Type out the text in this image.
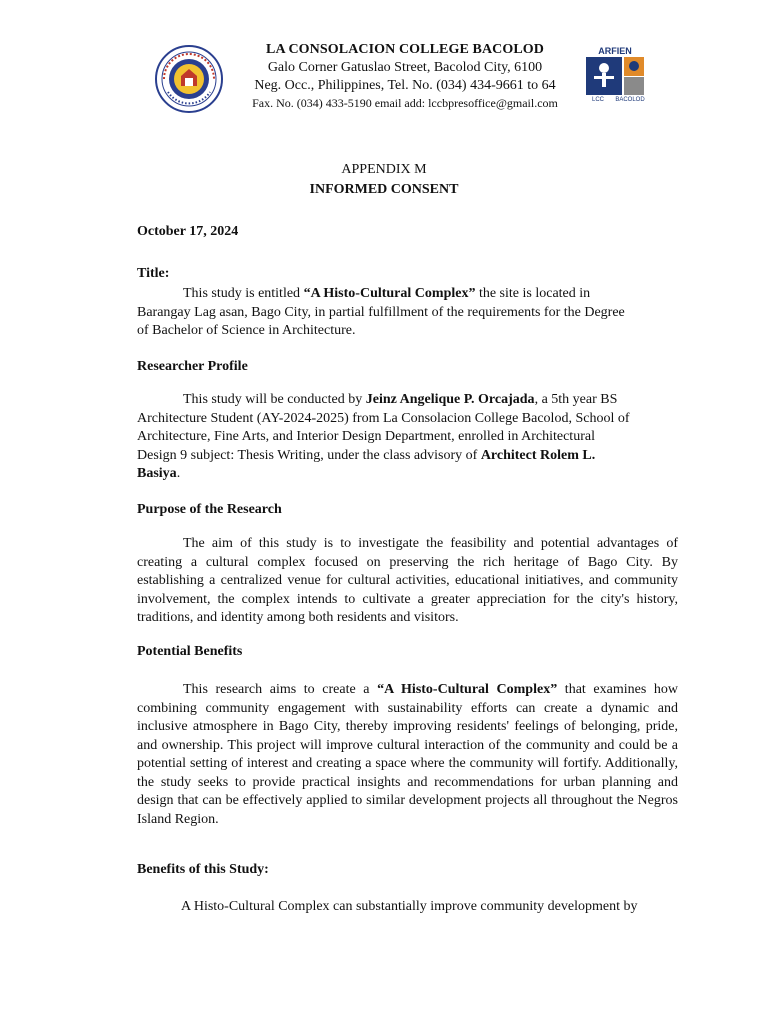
LA CONSOLACION COLLEGE BACOLOD
Galo Corner Gatuslao Street, Bacolod City, 6100
Neg. Occ., Philippines, Tel. No. (034) 434-9661 to 64
Fax. No. (034) 433-5190 email add: lccbpresoffice@gmail.com
ARFIEN
LCC BACOLOD
APPENDIX M
INFORMED CONSENT
October 17, 2024
Title:

This study is entitled “A Histo-Cultural Complex” the site is located in

Barangay Lag asan, Bago City, in partial fulfillment of the requirements for the Degree

of Bachelor of Science in Architecture.

Researcher Profile

This study will be conducted by Jeinz Angelique P. Orcajada, a 5th year BS

Architecture Student (AY-2024-2025) from La Consolacion College Bacolod, School of

Architecture, Fine Arts, and Interior Design Department, enrolled in Architectural

Design 9 subject: Thesis Writing, under the class advisory of Architect Rolem L.

Basiya.

Purpose of the Research

The aim of this study is to investigate the feasibility and potential advantages of creating a cultural complex focused on preserving the rich heritage of Bago City. By establishing a centralized venue for cultural activities, educational initiatives, and community involvement, the complex intends to cultivate a greater appreciation for the city's history, traditions, and identity among both residents and visitors.

Potential Benefits

This research aims to create a “A Histo-Cultural Complex” that examines how combining community engagement with sustainability efforts can create a dynamic and inclusive atmosphere in Bago City, thereby improving residents' feelings of belonging, pride, and ownership. This project will improve cultural interaction of the community and could be a potential setting of interest and creating a space where the community will fortify. Additionally, the study seeks to provide practical insights and recommendations for urban planning and design that can be effectively applied to similar development projects all throughout the Negros Island Region.

Benefits of this Study:

A Histo-Cultural Complex can substantially improve community development by
